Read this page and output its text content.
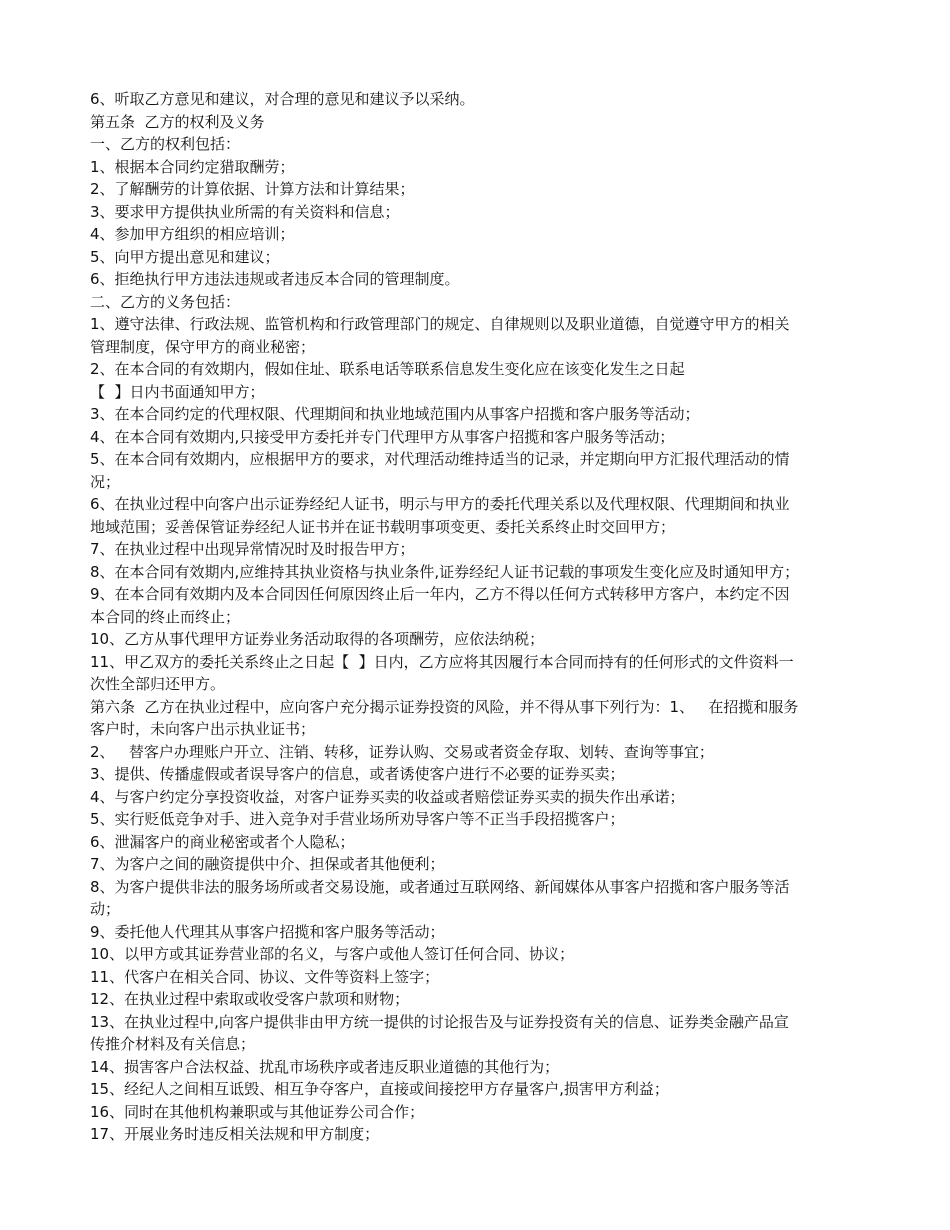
6、听取乙方意见和建议，对合理的意见和建议予以采纳。

第五条  乙方的权利及义务

一、乙方的权利包括：

1、根据本合同约定猎取酬劳；

2、了解酬劳的计算依据、计算方法和计算结果；

3、要求甲方提供执业所需的有关资料和信息；

4、参加甲方组织的相应培训；

5、向甲方提出意见和建议；

6、拒绝执行甲方违法违规或者违反本合同的管理制度。

二、乙方的义务包括：

1、遵守法律、行政法规、监管机构和行政管理部门的规定、自律规则以及职业道德，自觉遵守甲方的相关

管理制度，保守甲方的商业秘密；

2、在本合同的有效期内，假如住址、联系电话等联系信息发生变化应在该变化发生之日起

【  】日内书面通知甲方；

3、在本合同约定的代理权限、代理期间和执业地域范围内从事客户招揽和客户服务等活动；

4、在本合同有效期内,只接受甲方委托并专门代理甲方从事客户招揽和客户服务等活动；

5、在本合同有效期内，应根据甲方的要求，对代理活动维持适当的记录，并定期向甲方汇报代理活动的情

况；

6、在执业过程中向客户出示证券经纪人证书，明示与甲方的委托代理关系以及代理权限、代理期间和执业

地域范围；妥善保管证券经纪人证书并在证书载明事项变更、委托关系终止时交回甲方；

7、在执业过程中出现异常情况时及时报告甲方；

8、在本合同有效期内,应维持其执业资格与执业条件,证券经纪人证书记载的事项发生变化应及时通知甲方；

9、在本合同有效期内及本合同因任何原因终止后一年内，乙方不得以任何方式转移甲方客户，本约定不因

本合同的终止而终止；

10、乙方从事代理甲方证券业务活动取得的各项酬劳，应依法纳税；

11、甲乙双方的委托关系终止之日起【  】日内，乙方应将其因履行本合同而持有的任何形式的文件资料一

次性全部归还甲方。

第六条  乙方在执业过程中，应向客户充分揭示证券投资的风险，并不得从事下列行为：1、   在招揽和服务

客户时，未向客户出示执业证书；

2、   替客户办理账户开立、注销、转移，证券认购、交易或者资金存取、划转、查询等事宜；

3、提供、传播虚假或者误导客户的信息，或者诱使客户进行不必要的证券买卖；

4、与客户约定分享投资收益，对客户证券买卖的收益或者赔偿证券买卖的损失作出承诺；

5、实行贬低竞争对手、进入竞争对手营业场所劝导客户等不正当手段招揽客户；

6、泄漏客户的商业秘密或者个人隐私；

7、为客户之间的融资提供中介、担保或者其他便利；

8、为客户提供非法的服务场所或者交易设施，或者通过互联网络、新闻媒体从事客户招揽和客户服务等活

动；

9、委托他人代理其从事客户招揽和客户服务等活动；

10、以甲方或其证券营业部的名义，与客户或他人签订任何合同、协议；

11、代客户在相关合同、协议、文件等资料上签字；

12、在执业过程中索取或收受客户款项和财物；

13、在执业过程中,向客户提供非由甲方统一提供的讨论报告及与证券投资有关的信息、证券类金融产品宣

传推介材料及有关信息；

14、损害客户合法权益、扰乱市场秩序或者违反职业道德的其他行为；

15、经纪人之间相互诋毁、相互争夺客户，直接或间接挖甲方存量客户,损害甲方利益；

16、同时在其他机构兼职或与其他证券公司合作；

17、开展业务时违反相关法规和甲方制度；
